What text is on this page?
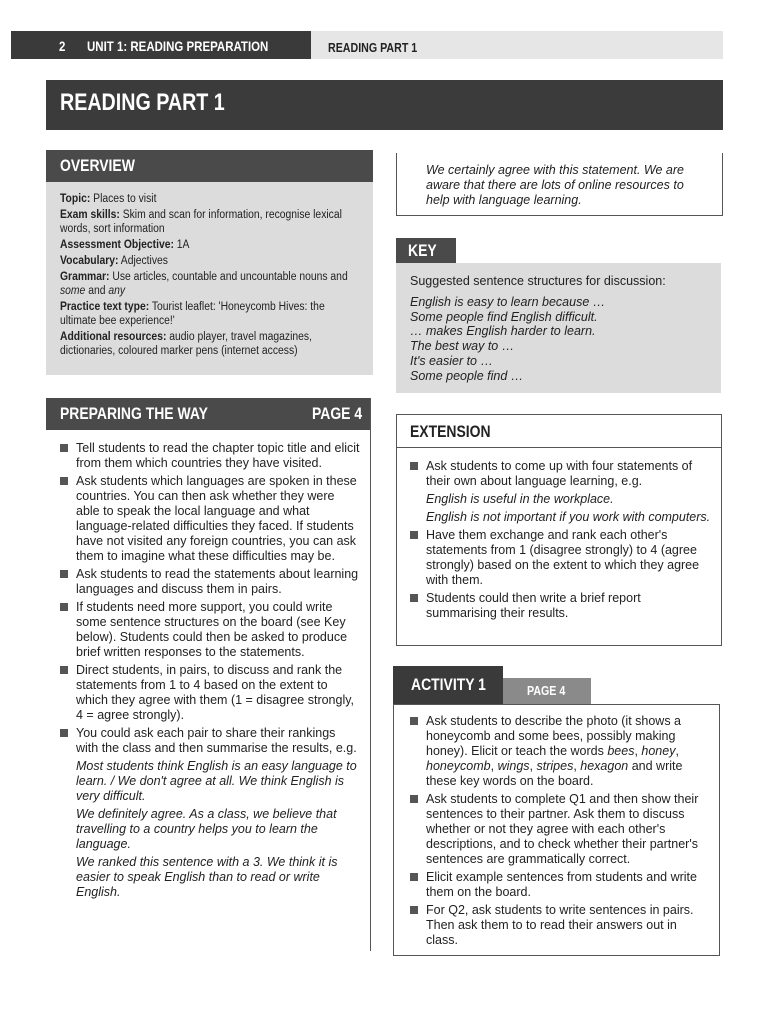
2 UNIT 1: READING PREPARATION	READING PART 1
READING PART 1
OVERVIEW
Topic: Places to visit
Exam skills: Skim and scan for information, recognise lexical words, sort information
Assessment Objective: 1A
Vocabulary: Adjectives
Grammar: Use articles, countable and uncountable nouns and some and any
Practice text type: Tourist leaflet: 'Honeycomb Hives: the ultimate bee experience!'
Additional resources: audio player, travel magazines, dictionaries, coloured marker pens (internet access)
PREPARING THE WAY	PAGE 4
Tell students to read the chapter topic title and elicit from them which countries they have visited.
Ask students which languages are spoken in these countries. You can then ask whether they were able to speak the local language and what language-related difficulties they faced. If students have not visited any foreign countries, you can ask them to imagine what these difficulties may be.
Ask students to read the statements about learning languages and discuss them in pairs.
If students need more support, you could write some sentence structures on the board (see Key below). Students could then be asked to produce brief written responses to the statements.
Direct students, in pairs, to discuss and rank the statements from 1 to 4 based on the extent to which they agree with them (1 = disagree strongly, 4 = agree strongly).
You could ask each pair to share their rankings with the class and then summarise the results, e.g.
Most students think English is an easy language to learn. / We don't agree at all. We think English is very difficult.
We definitely agree. As a class, we believe that travelling to a country helps you to learn the language.
We ranked this sentence with a 3. We think it is easier to speak English than to read or write English.
We certainly agree with this statement. We are aware that there are lots of online resources to help with language learning.
KEY
Suggested sentence structures for discussion:
English is easy to learn because …
Some people find English difficult.
… makes English harder to learn.
The best way to …
It's easier to …
Some people find …
EXTENSION
Ask students to come up with four statements of their own about language learning, e.g.
English is useful in the workplace.
English is not important if you work with computers.
Have them exchange and rank each other's statements from 1 (disagree strongly) to 4 (agree strongly) based on the extent to which they agree with them.
Students could then write a brief report summarising their results.
ACTIVITY 1	PAGE 4
Ask students to describe the photo (it shows a honeycomb and some bees, possibly making honey). Elicit or teach the words bees, honey, honeycomb, wings, stripes, hexagon and write these key words on the board.
Ask students to complete Q1 and then show their sentences to their partner. Ask them to discuss whether or not they agree with each other's descriptions, and to check whether their partner's sentences are grammatically correct.
Elicit example sentences from students and write them on the board.
For Q2, ask students to write sentences in pairs. Then ask them to to read their answers out in class.
